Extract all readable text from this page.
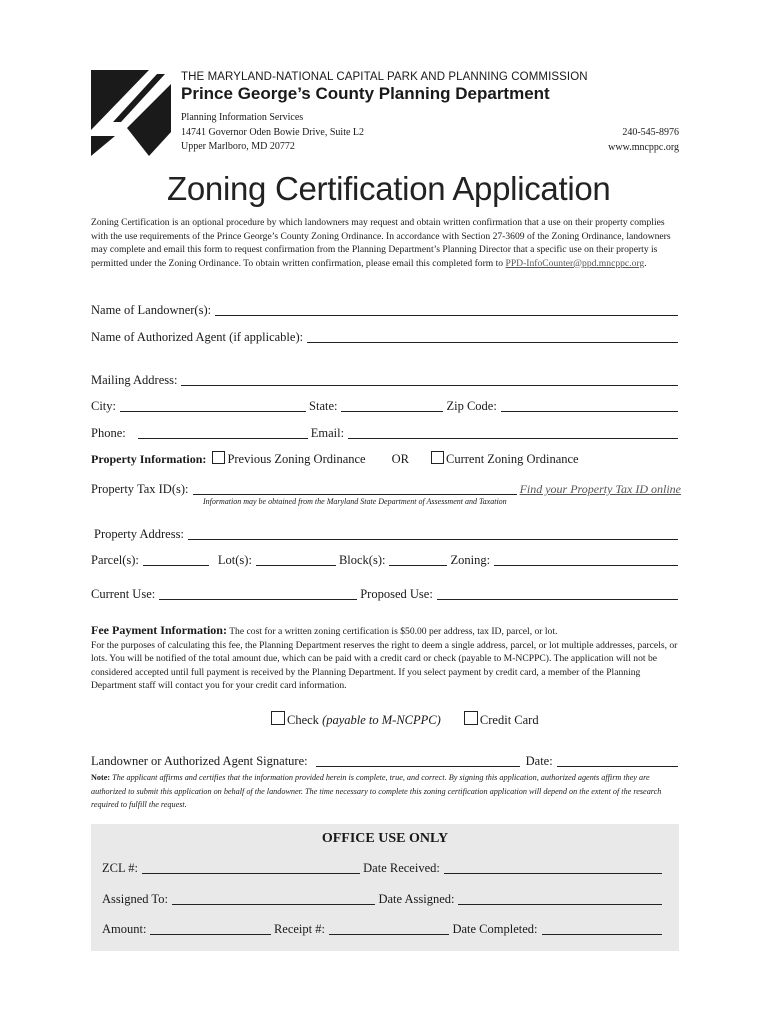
THE MARYLAND-NATIONAL CAPITAL PARK AND PLANNING COMMISSION
Prince George’s County Planning Department
Planning Information Services
14741 Governor Oden Bowie Drive, Suite L2
Upper Marlboro, MD 20772
240-545-8976
www.mncppc.org
Zoning Certification Application
Zoning Certification is an optional procedure by which landowners may request and obtain written confirmation that a use on their property complies with the use requirements of the Prince George’s County Zoning Ordinance. In accordance with Section 27-3609 of the Zoning Ordinance, landowners may complete and email this form to request confirmation from the Planning Department’s Planning Director that a specific use on their property is permitted under the Zoning Ordinance. To obtain written confirmation, please email this completed form to PPD-InfoCounter@ppd.mncppc.org.
Name of Landowner(s):
Name of Authorized Agent (if applicable):
Mailing Address:
City:	State:	Zip Code:
Phone:	Email:
Property Information:	Previous Zoning Ordinance OR	Current Zoning Ordinance
Property Tax ID(s):	Find your Property Tax ID online
Information may be obtained from the Maryland State Department of Assessment and Taxation
Property Address:
Parcel(s):	Lot(s):	Block(s):	Zoning:
Current Use:	Proposed Use:
Fee Payment Information: The cost for a written zoning certification is $50.00 per address, tax ID, parcel, or lot.
For the purposes of calculating this fee, the Planning Department reserves the right to deem a single address, parcel, or lot multiple addresses, parcels, or lots. You will be notified of the total amount due, which can be paid with a credit card or check (payable to M-NCPPC). The application will not be considered accepted until full payment is received by the Planning Department. If you select payment by credit card, a member of the Planning Department staff will contact you for your credit card information.
Check (payable to M-NCPPC)	Credit Card
Landowner or Authorized Agent Signature:	Date:
Note: The applicant affirms and certifies that the information provided herein is complete, true, and correct. By signing this application, authorized agents affirm they are authorized to submit this application on behalf of the landowner. The time necessary to complete this zoning certification application will depend on the extent of the research required to fulfill the request.
OFFICE USE ONLY
ZCL #:	Date Received:
Assigned To:	Date Assigned:
Amount:	Receipt #:	Date Completed:
